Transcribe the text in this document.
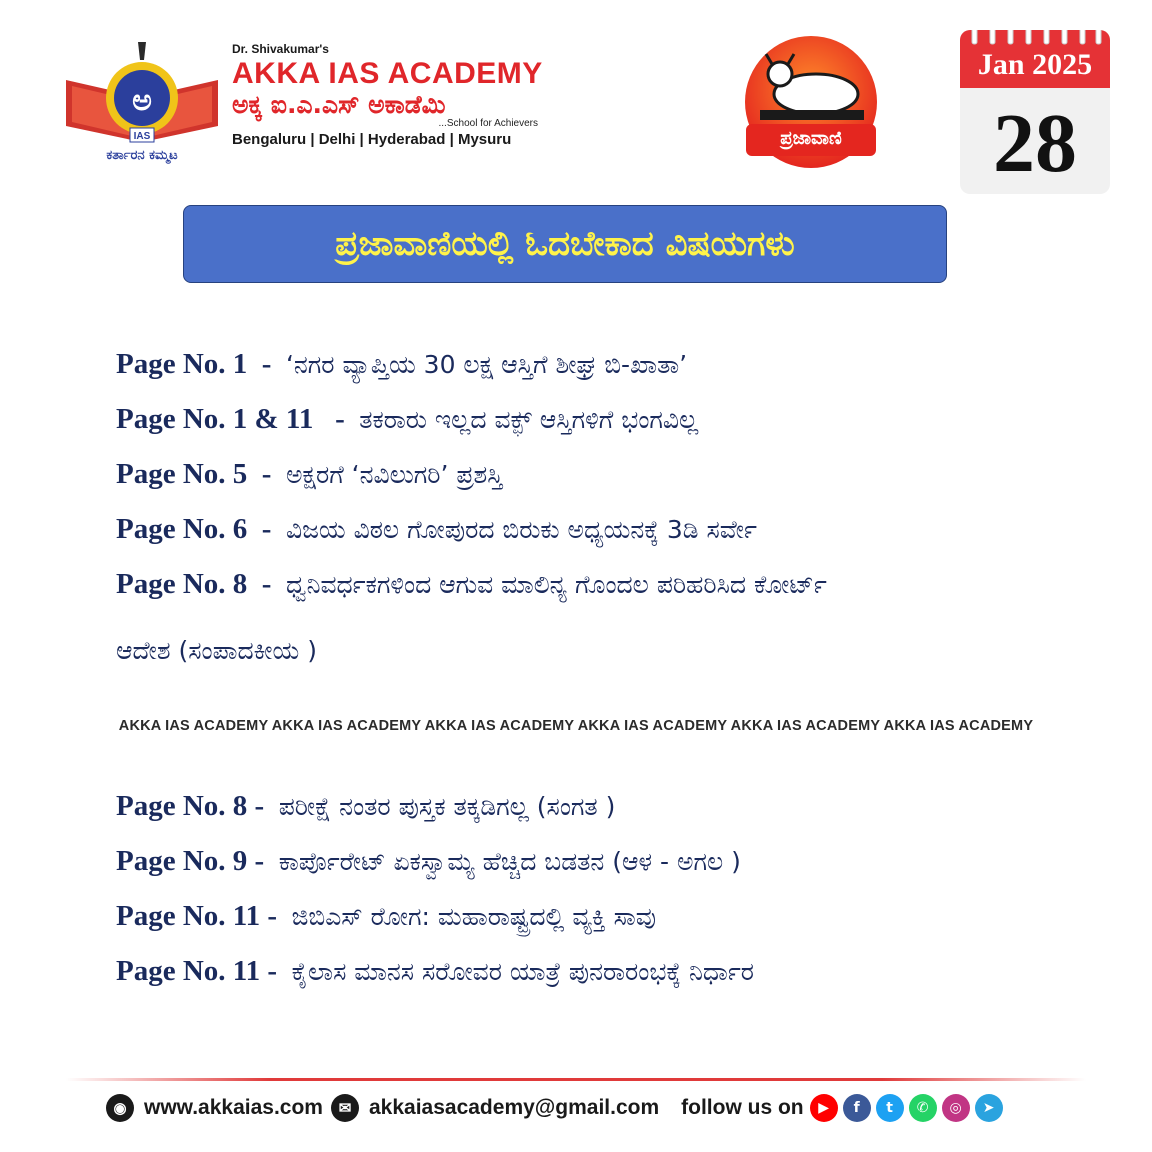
ಅ
IAS
ಕರ್ತಾರನ ಕಮ್ಮಟ
Dr. Shivakumar's
AKKA IAS ACADEMY
ಅಕ್ಕ ಐ.ಎ.ಎಸ್ ಅಕಾಡೆಮಿ
...School for Achievers
Bengaluru | Delhi | Hyderabad | Mysuru	ಪ್ರಜಾವಾಣಿ
Jan 2025
28
ಪ್ರಜಾವಾಣಿಯಲ್ಲಿ ಓದಬೇಕಾದ ವಿಷಯಗಳು
Page No. 1  - ‘ನಗರ ವ್ಯಾಪ್ತಿಯ 30 ಲಕ್ಷ ಆಸ್ತಿಗೆ ಶೀಘ್ರ ಬಿ-ಖಾತಾ’
Page No. 1 & 11   - ತಕರಾರು ಇಲ್ಲದ ವಕ್ಫ್ ಆಸ್ತಿಗಳಿಗೆ ಭಂಗವಿಲ್ಲ
Page No. 5  - ಅಕ್ಷರಗೆ ‘ನವಿಲುಗರಿ’ ಪ್ರಶಸ್ತಿ
Page No. 6  - ವಿಜಯ ವಿಠಲ ಗೋಪುರದ ಬಿರುಕು ಅಧ್ಯಯನಕ್ಕೆ 3ಡಿ ಸರ್ವೇ
Page No. 8  - ಧ್ವನಿವರ್ಧಕಗಳಿಂದ ಆಗುವ ಮಾಲಿನ್ಯ ಗೊಂದಲ ಪರಿಹರಿಸಿದ ಕೋರ್ಟ್
ಆದೇಶ (ಸಂಪಾದಕೀಯ )
AKKA IAS ACADEMY AKKA IAS ACADEMY AKKA IAS ACADEMY AKKA IAS ACADEMY AKKA IAS ACADEMY AKKA IAS ACADEMY
Page No. 8 - ಪರೀಕ್ಷೆ ನಂತರ ಪುಸ್ತಕ ತಕ್ಕಡಿಗಲ್ಲ (ಸಂಗತ )
Page No. 9 - ಕಾರ್ಪೊರೇಟ್ ಏಕಸ್ವಾಮ್ಯ ಹೆಚ್ಚಿದ ಬಡತನ (ಆಳ - ಅಗಲ )
Page No. 11 - ಜಿಬಿಎಸ್ ರೋಗ: ಮಹಾರಾಷ್ಟ್ರದಲ್ಲಿ ವ್ಯಕ್ತಿ ಸಾವು
Page No. 11 - ಕೈಲಾಸ ಮಾನಸ ಸರೋವರ ಯಾತ್ರೆ ಪುನರಾರಂಭಕ್ಕೆ ನಿರ್ಧಾರ
◉ www.akkaias.com	✉ akkaiasacademy@gmail.com follow us on	▶	f	t	✆	◎	➤
